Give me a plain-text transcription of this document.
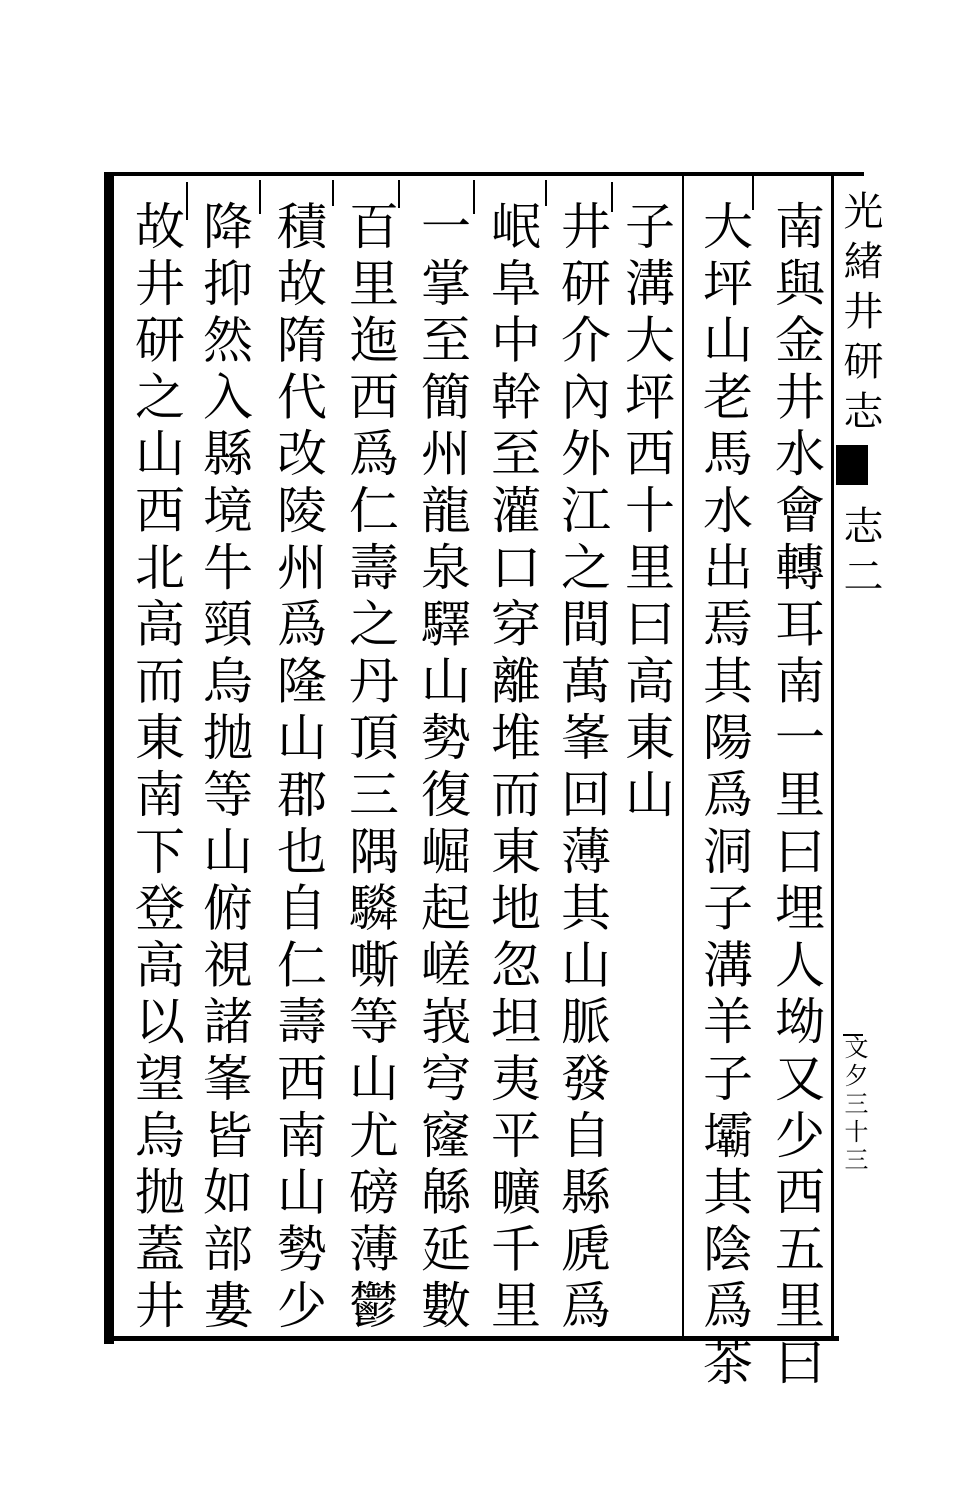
南與金井水會轉耳南一里曰埋人坳又少西五里曰
大坪山老馬水出焉其陽爲洞子溝羊子壩其陰爲茶
子溝大坪西十里曰高東山
井研介內外江之間萬峯回薄其山脈發自縣虒爲
岷阜中幹至灌口穿離堆而東地忽坦夷平曠千里
一掌至簡州龍泉驛山勢復崛起嵯峩穹窿緜延數
百里迤西爲仁壽之丹頂三隅䮼嘶等山尤磅薄鬱
積故隋代改陵州爲隆山郡也自仁壽西南山勢少
降抑然入縣境牛頸烏抛等山俯視諸峯皆如部婁
故井研之山西北高而東南下登高以望烏抛蓋井	光緒井研志
志二
文夕三十三
